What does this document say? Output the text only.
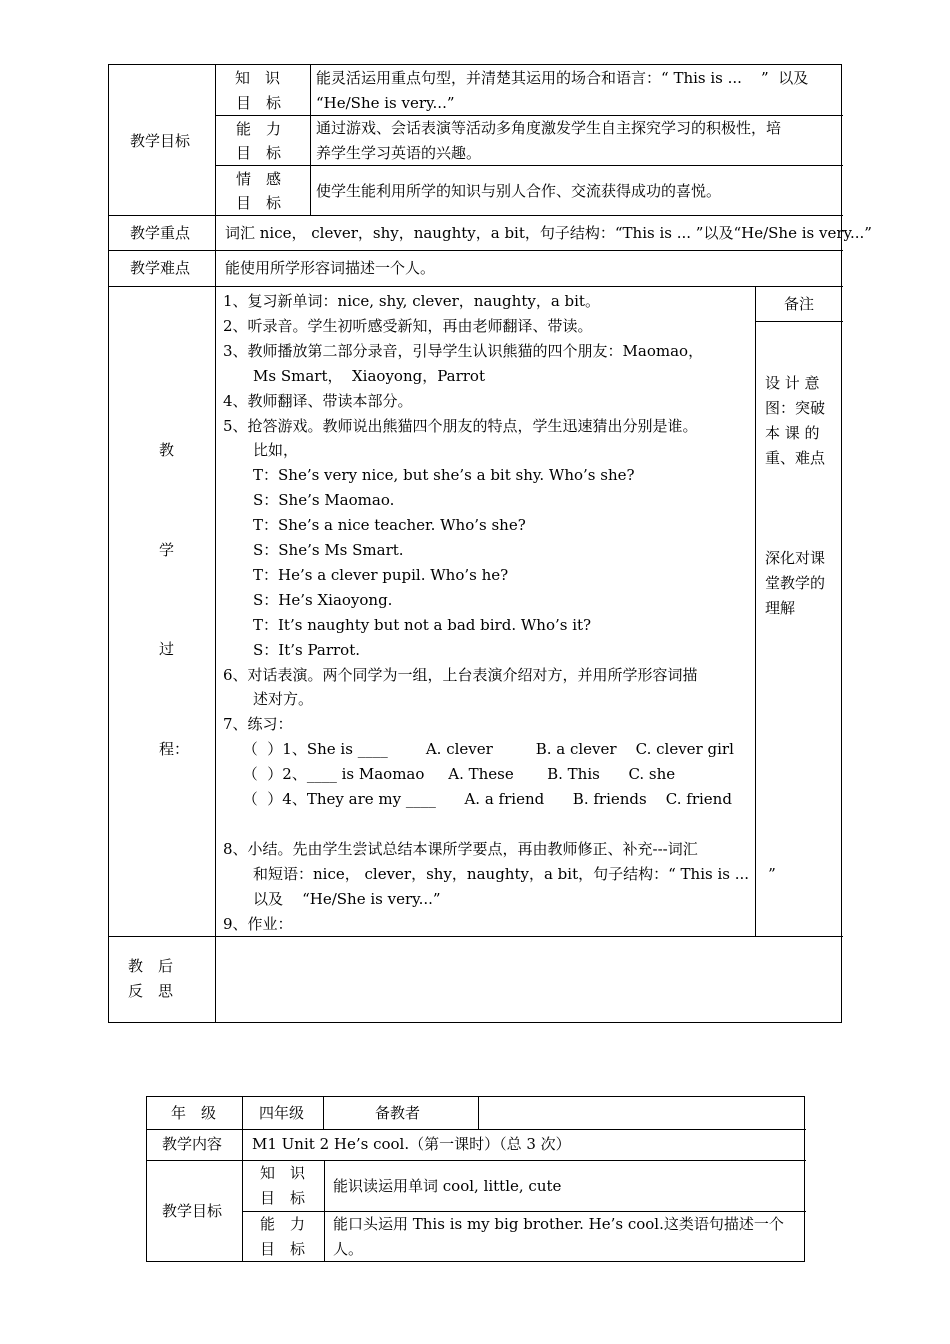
教学目标
知　识
目　标
能灵活运用重点句型，并清楚其运用的场合和语言：“ This is ...    ”  以及
“He/She is very...”
能　力
目　标
通过游戏、会话表演等活动多角度激发学生自主探究学习的积极性，培
养学生学习英语的兴趣。
情　感
目　标
使学生能利用所学的知识与别人合作、交流获得成功的喜悦。
教学重点 词汇 nice， clever，shy，naughty，a bit，句子结构：“This is ... ”以及“He/She is very...”
教学难点 能使用所学形容词描述一个人。
教
学
过
程：
1、复习新单词：nice, shy, clever，naughty，a bit。
2、听录音。学生初听感受新知，再由老师翻译、带读。
3、教师播放第二部分录音，引导学生认识熊猫的四个朋友：Maomao，
　　Ms Smart，  Xiaoyong，Parrot
4、教师翻译、带读本部分。
5、抢答游戏。教师说出熊猫四个朋友的特点，学生迅速猜出分别是谁。
　　比如，
　　T：She’s very nice, but she’s a bit shy. Who’s she?
　　S：She’s Maomao.
　　T：She’s a nice teacher. Who’s she?
　　S：She’s Ms Smart.
　　T：He’s a clever pupil. Who’s he?
　　S：He’s Xiaoyong.
　　T：It’s naughty but not a bad bird. Who’s it?
　　S：It’s Parrot.
6、对话表演。两个同学为一组，上台表演介绍对方，并用所学形容词描
　　述对方。
7、练习：
　 （  ）1、She is ____        A. clever         B. a clever    C. clever girl
　 （  ）2、____ is Maomao     A. These       B. This      C. she
　 （  ）4、They are my ____      A. a friend      B. friends    C. friend
8、小结。先由学生尝试总结本课所学要点，再由教师修正、补充---词汇
　　和短语：nice， clever，shy，naughty，a bit，句子结构：“ This is ...    ”
　　以及    “He/She is very...”
9、作业：
备注
设 计 意
图：突破
本 课 的
重、难点
深化对课
堂教学的
理解
教　后
反　思
年　级	四年级	备教者
教学内容 M1 Unit 2 He’s cool.（第一课时）（总 3 次）
教学目标
知　识
目　标
能识读运用单词 cool, little, cute
能　力
目　标
能口头运用 This is my big brother. He’s cool.这类语句描述一个
人。
